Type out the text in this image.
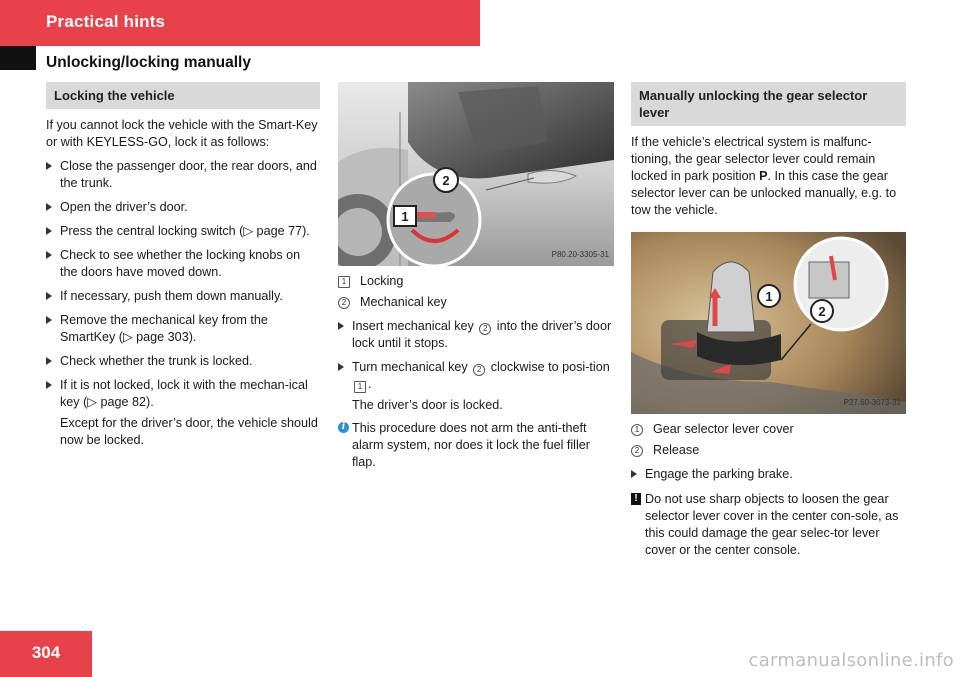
Practical hints
Unlocking/locking manually
Locking the vehicle

If you cannot lock the vehicle with the Smart-Key or with KEYLESS-GO, lock it as follows:

Close the passenger door, the rear doors, and the trunk.
Open the driver’s door.
Press the central locking switch (▷ page 77).
Check to see whether the locking knobs on the doors have moved down.
If necessary, push them down manually.
Remove the mechanical key from the SmartKey (▷ page 303).
Check whether the trunk is locked.
If it is not locked, lock it with the mechan-ical key (▷ page 82).

Except for the driver’s door, the vehicle should now be locked.

2
1
P80.20-3305-31
1	Locking
2	Mechanical key
Insert mechanical key 2 into the driver’s door lock until it stops.
Turn mechanical key 2 clockwise to posi-tion 1 .

The driver’s door is locked.

i This procedure does not arm the anti-theft alarm system, nor does it lock the fuel filler flap.
Manually unlocking the gear selector lever

If the vehicle’s electrical system is malfunc-tioning, the gear selector lever could remain locked in park position P. In this case the gear selector lever can be unlocked manually, e.g. to tow the vehicle.

1
2
P27.60-3073-31
1	Gear selector lever cover
2	Release
Engage the parking brake.
! Do not use sharp objects to loosen the gear selector lever cover in the center con-sole, as this could damage the gear selec-tor lever cover or the center console.
304	carmanualsonline.info
